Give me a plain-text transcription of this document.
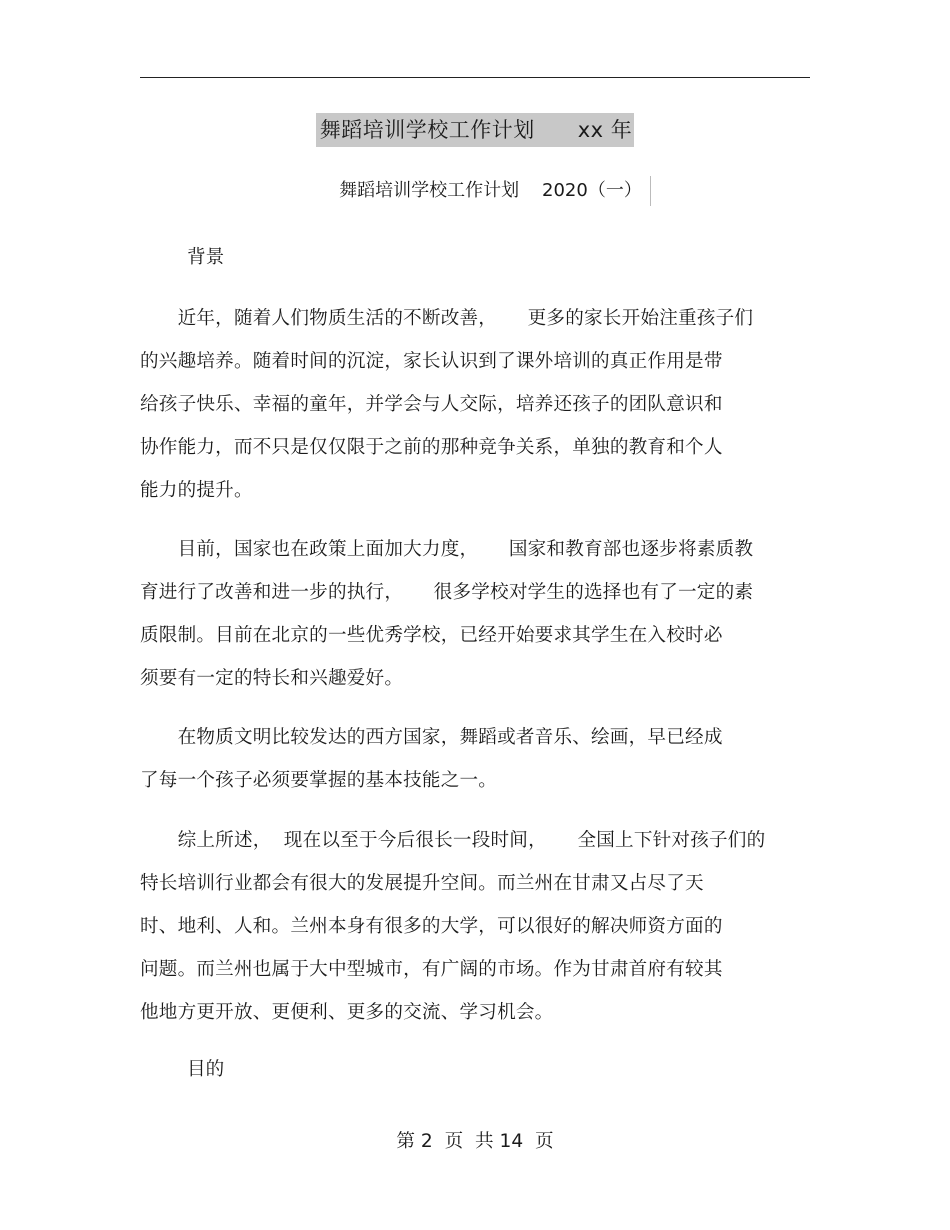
舞蹈培训学校工作计划      xx 年
舞蹈培训学校工作计划    2020（一）

背景

　　近年，随着人们物质生活的不断改善，     更多的家长开始注重孩子们
的兴趣培养。随着时间的沉淀，家长认识到了课外培训的真正作用是带
给孩子快乐、幸福的童年，并学会与人交际，培养还孩子的团队意识和
协作能力，而不只是仅仅限于之前的那种竞争关系，单独的教育和个人
能力的提升。

　　目前，国家也在政策上面加大力度，     国家和教育部也逐步将素质教
育进行了改善和进一步的执行，     很多学校对学生的选择也有了一定的素
质限制。目前在北京的一些优秀学校，已经开始要求其学生在入校时必
须要有一定的特长和兴趣爱好。

　　在物质文明比较发达的西方国家，舞蹈或者音乐、绘画，早已经成
了每一个孩子必须要掌握的基本技能之一。

　　综上所述，  现在以至于今后很长一段时间，     全国上下针对孩子们的
特长培训行业都会有很大的发展提升空间。而兰州在甘肃又占尽了天
时、地利、人和。兰州本身有很多的大学，可以很好的解决师资方面的
问题。而兰州也属于大中型城市，有广阔的市场。作为甘肃首府有较其
他地方更开放、更便利、更多的交流、学习机会。

目的

第 2  页  共 14  页
